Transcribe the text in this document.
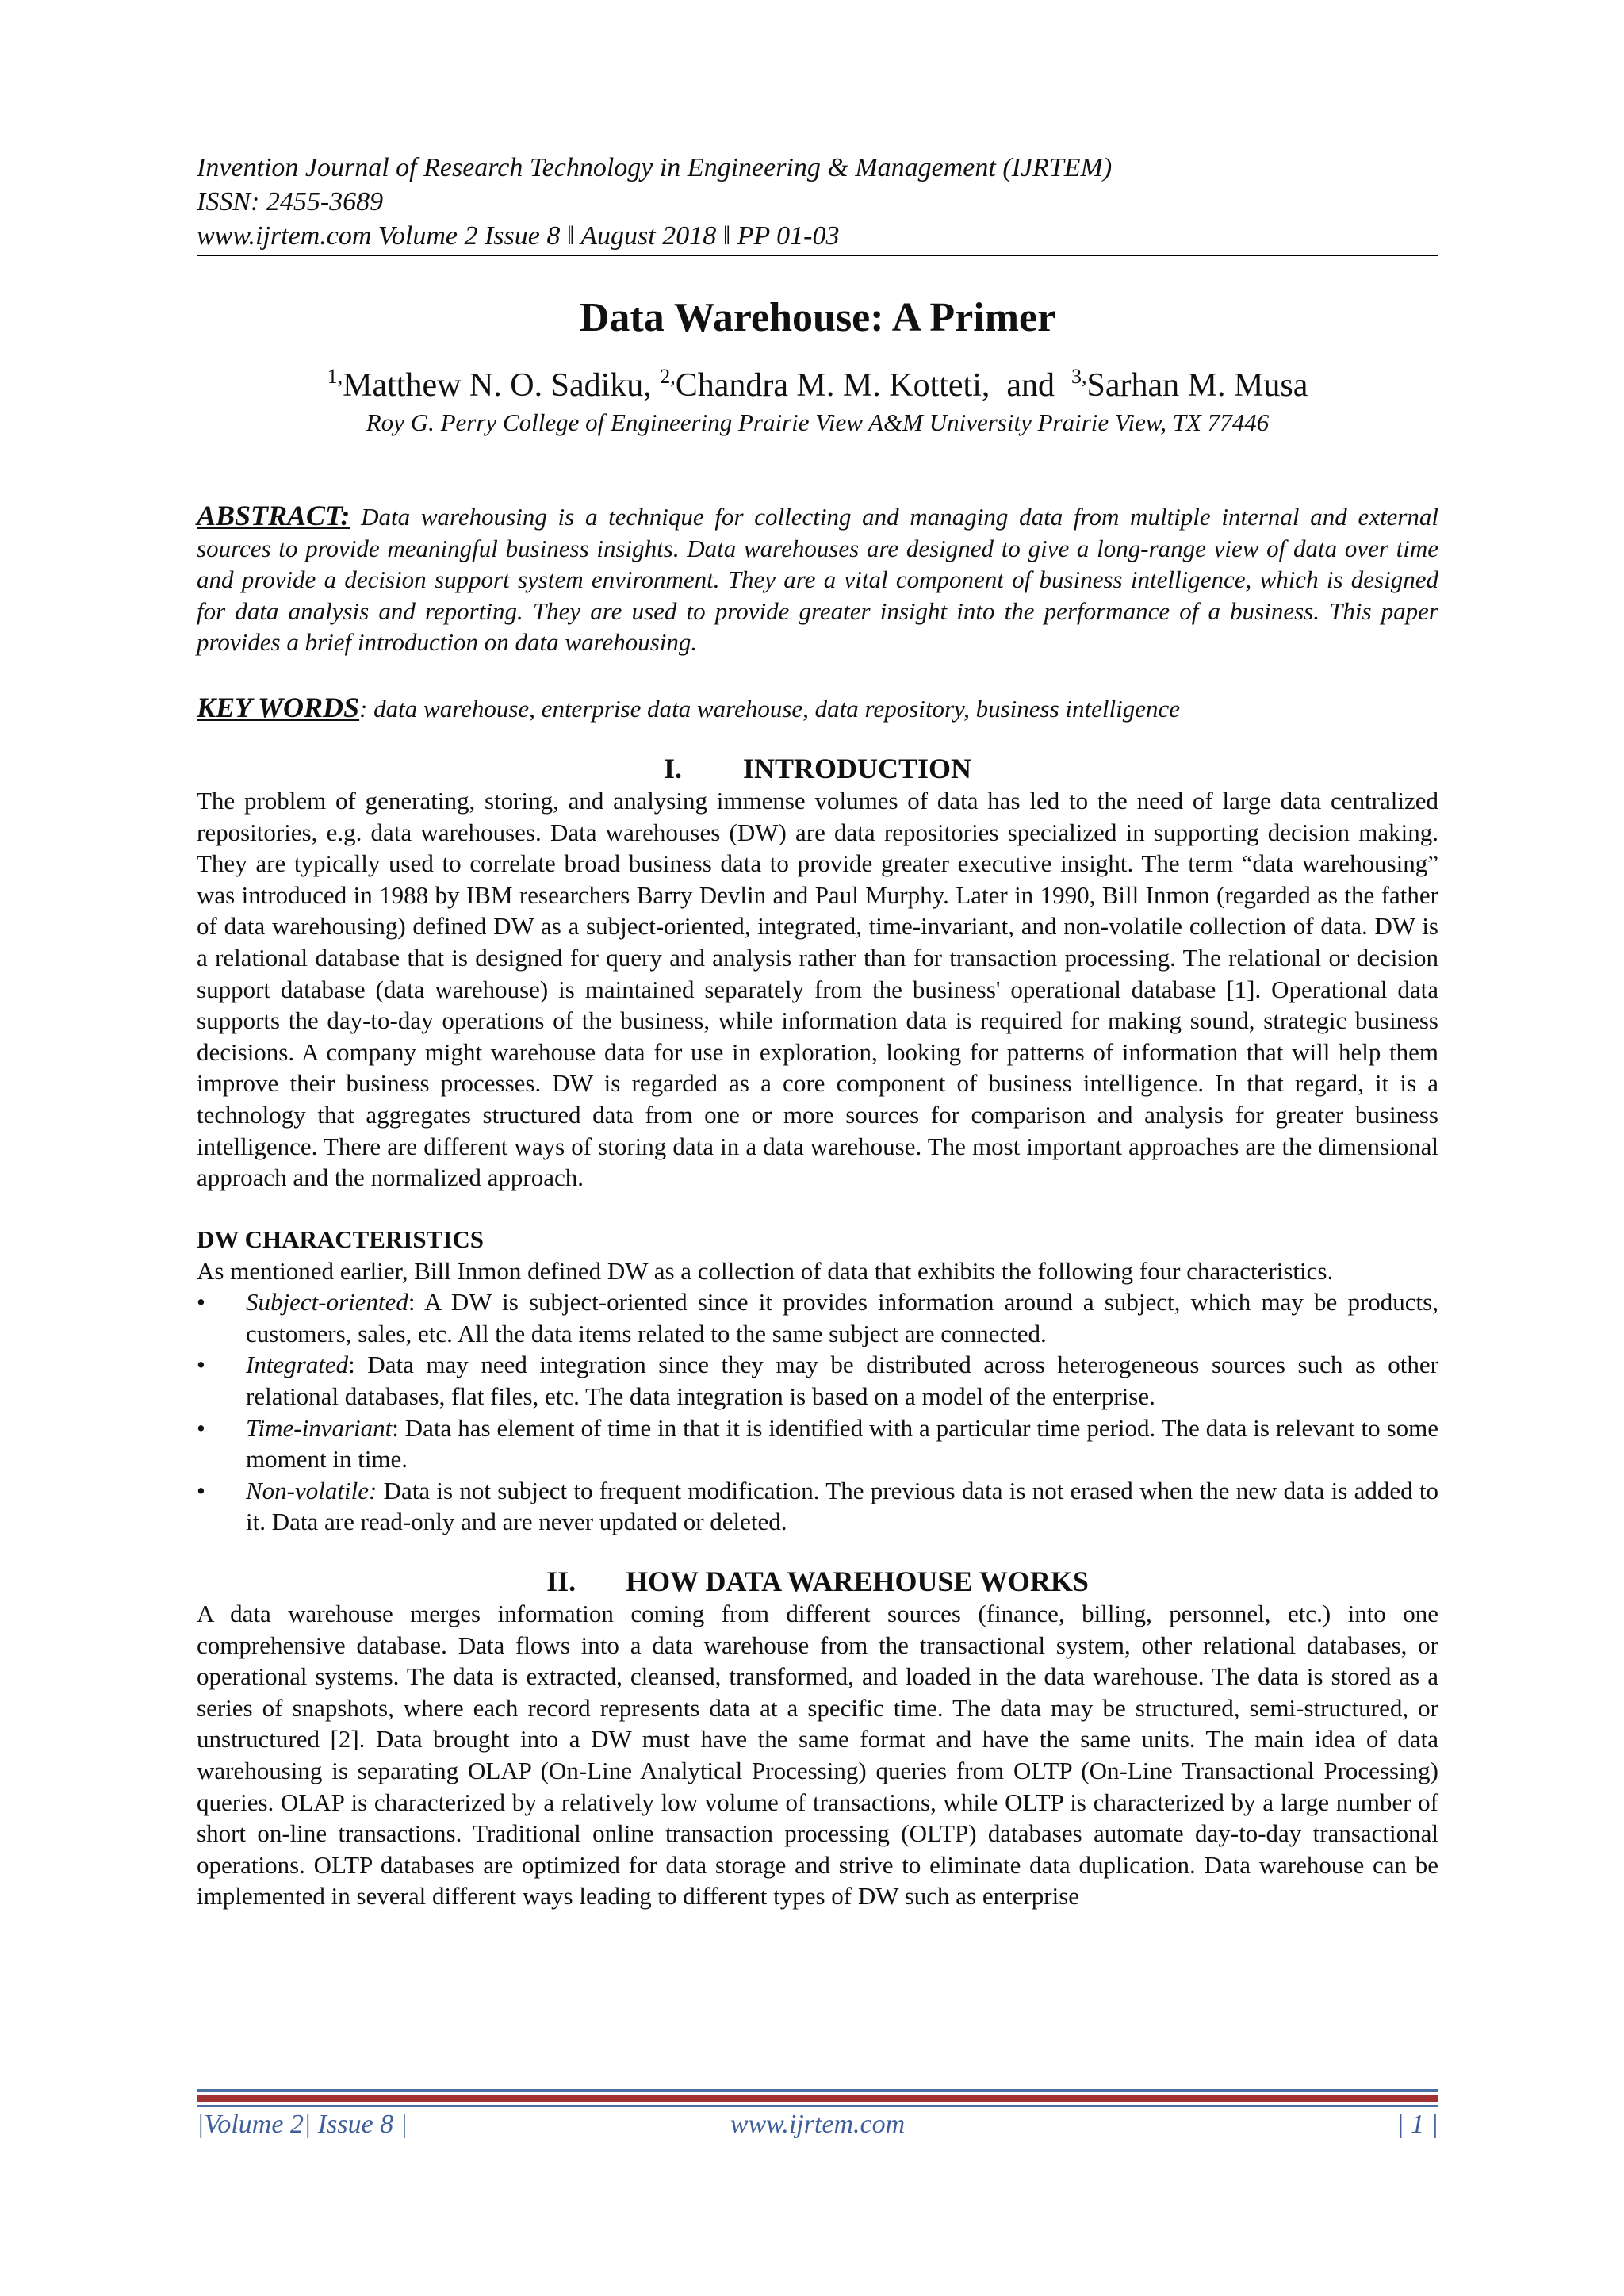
Invention Journal of Research Technology in Engineering & Management (IJRTEM)
ISSN: 2455-3689
www.ijrtem.com Volume 2 Issue 8 ǁ August 2018 ǁ PP 01-03
Data Warehouse: A Primer
$^{1,}$Matthew N. O. Sadiku, $^{2,}$Chandra M. M. Kotteti, and $^{3,}$Sarhan M. Musa
Roy G. Perry College of Engineering Prairie View A&M University Prairie View, TX 77446
ABSTRACT: Data warehousing is a technique for collecting and managing data from multiple internal and external sources to provide meaningful business insights. Data warehouses are designed to give a long-range view of data over time and provide a decision support system environment. They are a vital component of business intelligence, which is designed for data analysis and reporting. They are used to provide greater insight into the performance of a business. This paper provides a brief introduction on data warehousing.
KEY WORDS: data warehouse, enterprise data warehouse, data repository, business intelligence
I. INTRODUCTION

The problem of generating, storing, and analysing immense volumes of data has led to the need of large data centralized repositories, e.g. data warehouses. Data warehouses (DW) are data repositories specialized in supporting decision making. They are typically used to correlate broad business data to provide greater executive insight. The term “data warehousing” was introduced in 1988 by IBM researchers Barry Devlin and Paul Murphy. Later in 1990, Bill Inmon (regarded as the father of data warehousing) defined DW as a subject-oriented, integrated, time-invariant, and non-volatile collection of data. DW is a relational database that is designed for query and analysis rather than for transaction processing. The relational or decision support database (data warehouse) is maintained separately from the business' operational database [1]. Operational data supports the day-to-day operations of the business, while information data is required for making sound, strategic business decisions. A company might warehouse data for use in exploration, looking for patterns of information that will help them improve their business processes. DW is regarded as a core component of business intelligence. In that regard, it is a technology that aggregates structured data from one or more sources for comparison and analysis for greater business intelligence. There are different ways of storing data in a data warehouse. The most important approaches are the dimensional approach and the normalized approach.

DW CHARACTERISTICS

As mentioned earlier, Bill Inmon defined DW as a collection of data that exhibits the following four characteristics.

• Subject-oriented: A DW is subject-oriented since it provides information around a subject, which may be products, customers, sales, etc. All the data items related to the same subject are connected.
• Integrated: Data may need integration since they may be distributed across heterogeneous sources such as other relational databases, flat files, etc. The data integration is based on a model of the enterprise.
• Time-invariant: Data has element of time in that it is identified with a particular time period. The data is relevant to some moment in time.
• Non-volatile: Data is not subject to frequent modification. The previous data is not erased when the new data is added to it. Data are read-only and are never updated or deleted.
II. HOW DATA WAREHOUSE WORKS

A data warehouse merges information coming from different sources (finance, billing, personnel, etc.) into one comprehensive database. Data flows into a data warehouse from the transactional system, other relational databases, or operational systems. The data is extracted, cleansed, transformed, and loaded in the data warehouse. The data is stored as a series of snapshots, where each record represents data at a specific time. The data may be structured, semi-structured, or unstructured [2]. Data brought into a DW must have the same format and have the same units. The main idea of data warehousing is separating OLAP (On-Line Analytical Processing) queries from OLTP (On-Line Transactional Processing) queries. OLAP is characterized by a relatively low volume of transactions, while OLTP is characterized by a large number of short on-line transactions. Traditional online transaction processing (OLTP) databases automate day-to-day transactional operations. OLTP databases are optimized for data storage and strive to eliminate data duplication. Data warehouse can be implemented in several different ways leading to different types of DW such as enterprise

|Volume 2| Issue 8 |	www.ijrtem.com	| 1 |
